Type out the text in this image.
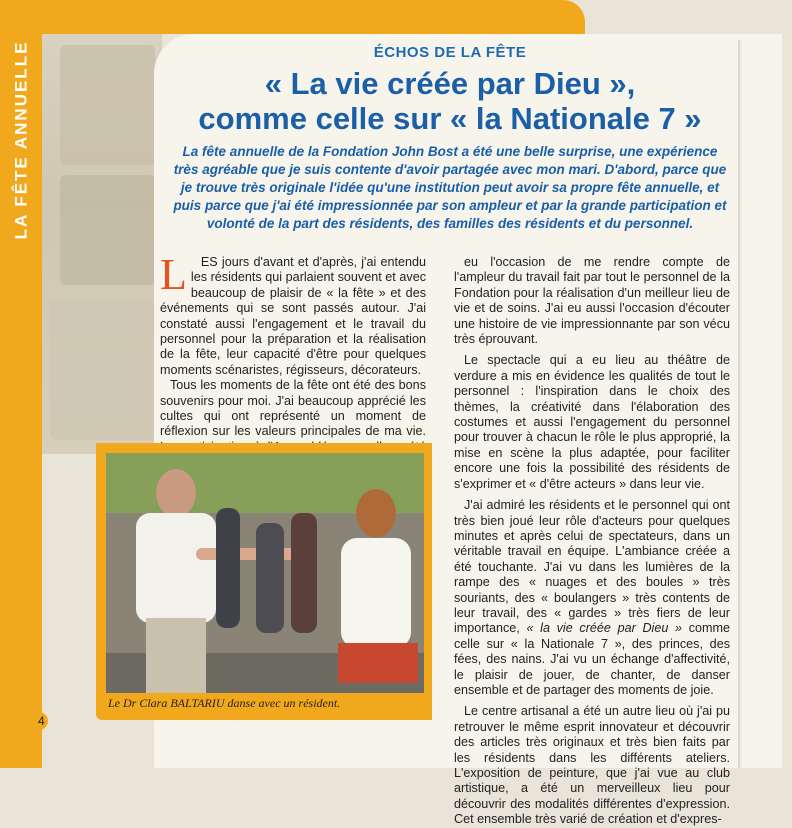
LA FÊTE ANNUELLE	ÉCHOS DE LA FÊTE
« La vie créée par Dieu »,
comme celle sur « la Nationale 7 »
La fête annuelle de la Fondation John Bost a été une belle surprise, une expérience très agréable que je suis contente d'avoir partagée avec mon mari. D'abord, parce que je trouve très originale l'idée qu'une institution peut avoir sa propre fête annuelle, et puis parce que j'ai été impressionnée par son ampleur et par la grande participation et volonté de la part des résidents, des familles des résidents et du personnel.

L ES jours d'avant et d'après, j'ai entendu les résidents qui parlaient souvent et avec beaucoup de plaisir de « la fête » et des événements qui se sont passés autour. J'ai constaté aussi l'engagement et le travail du personnel pour la préparation et la réalisation de la fête, leur capacité d'être pour quelques moments scénaristes, régisseurs, décorateurs.

Tous les moments de la fête ont été des bons souvenirs pour moi. J'ai beaucoup apprécié les cultes qui ont représenté un moment de réflexion sur les valeurs principales de ma vie.

eu l'occasion de me rendre compte de l'ampleur du travail fait par tout le personnel de la Fondation pour la réalisation d'un meilleur lieu de vie et de soins. J'ai eu aussi l'occasion d'écouter une histoire de vie impressionnante par son vécu très éprouvant.

Le spectacle qui a eu lieu au théâtre de verdure a mis en évidence les qualités de tout le personnel : l'inspiration dans le choix des thèmes, la créativité dans l'élaboration des costumes et aussi l'engagement du personnel pour trouver à chacun le rôle le plus approprié, la mise en scène la plus adaptée, pour faciliter encore une fois la possibilité des résidents de s'exprimer et « d'être acteurs » dans leur vie.

J'ai admiré les résidents et le personnel qui ont très bien joué leur rôle d'acteurs pour quelques minutes et après celui de spectateurs, dans un véritable travail en équipe. L'ambiance créée a été touchante. J'ai vu dans les lumières de la rampe des « nuages et des boules » très souriants, des « boulangers » très contents de leur travail, des « gardes » très fiers de leur importance, « la vie créée par Dieu » comme celle sur « la Nationale 7 », des princes, des fées, des nains. J'ai vu un échange d'affectivité, le plaisir de jouer, de chanter, de danser ensemble et de partager des moments de joie.

Le centre artisanal a été un autre lieu où j'ai pu retrouver le même esprit innovateur et découvrir des articles très originaux et très bien faits par les résidents dans les différents ateliers. L'exposition de peinture, que j'ai vue au club artistique, a été un merveilleux lieu pour découvrir des modalités différentes d'expression. Cet ensemble très varié de création et d'expres-

Le Dr Clara BALTARIU danse avec un résident.
4
